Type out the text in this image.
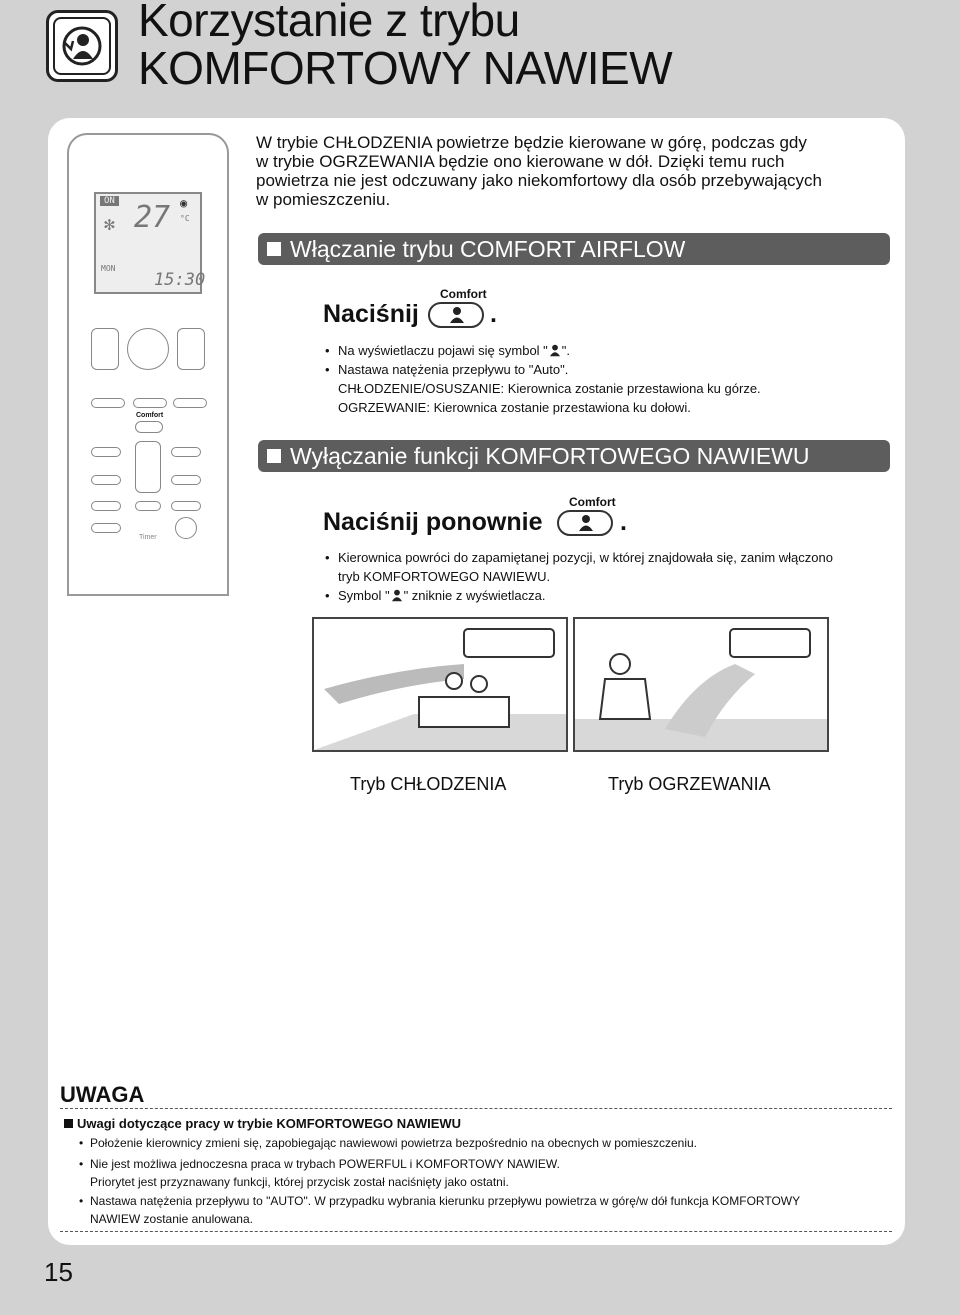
Korzystanie z trybu
KOMFORTOWY NAWIEW
ON
✻ 27 °C
◉
MON
15:30
Comfort
Timer
W trybie CHŁODZENIA powietrze będzie kierowane w górę, podczas gdy
w trybie OGRZEWANIA będzie ono kierowane w dół. Dzięki temu ruch
powietrza nie jest odczuwany jako niekomfortowy dla osób przebywających
w pomieszczeniu.
Włączanie trybu COMFORT AIRFLOW
Comfort
Naciśnij	.
• Na wyświetlaczu pojawi się symbol " ".
• Nastawa natężenia przepływu to "Auto".
CHŁODZENIE/OSUSZANIE: Kierownica zostanie przestawiona ku górze.
OGRZEWANIE: Kierownica zostanie przestawiona ku dołowi.
Wyłączanie funkcji KOMFORTOWEGO NAWIEWU
Comfort
Naciśnij ponownie	.
• Kierownica powróci do zapamiętanej pozycji, w której znajdowała się, zanim włączono
tryb KOMFORTOWEGO NAWIEWU.
• Symbol " " zniknie z wyświetlacza.
Tryb CHŁODZENIA	Tryb OGRZEWANIA
UWAGA
Uwagi dotyczące pracy w trybie KOMFORTOWEGO NAWIEWU
• Położenie kierownicy zmieni się, zapobiegając nawiewowi powietrza bezpośrednio na obecnych w pomieszczeniu.
• Nie jest możliwa jednoczesna praca w trybach POWERFUL i KOMFORTOWY NAWIEW.
Priorytet jest przyznawany funkcji, której przycisk został naciśnięty jako ostatni.
• Nastawa natężenia przepływu to "AUTO". W przypadku wybrania kierunku przepływu powietrza w górę/w dół funkcja KOMFORTOWY
NAWIEW zostanie anulowana.
15
